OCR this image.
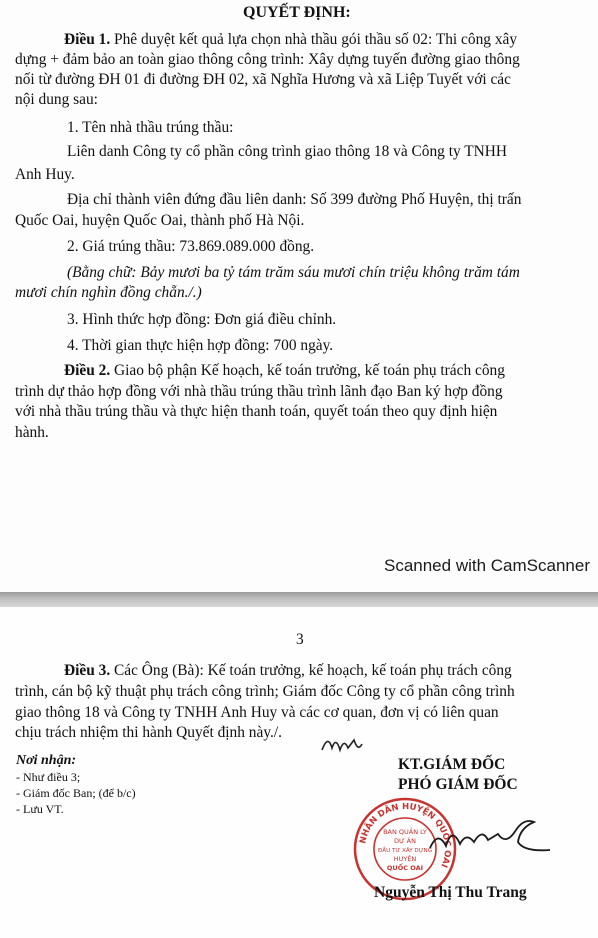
QUYẾT ĐỊNH:
Điều 1. Phê duyệt kết quả lựa chọn nhà thầu gói thầu số 02: Thi công xây
dựng + đảm bảo an toàn giao thông công trình: Xây dựng tuyến đường giao thông
nối từ đường ĐH 01 đi đường ĐH 02, xã Nghĩa Hương và xã Liệp Tuyết với các
nội dung sau:
1. Tên nhà thầu trúng thầu:
Liên danh Công ty cổ phần công trình giao thông 18 và Công ty TNHH
Anh Huy.
Địa chỉ thành viên đứng đầu liên danh: Số 399 đường Phố Huyện, thị trấn
Quốc Oai, huyện Quốc Oai, thành phố Hà Nội.
2. Giá trúng thầu: 73.869.089.000 đồng.
(Bằng chữ: Bảy mươi ba tỷ tám trăm sáu mươi chín triệu không trăm tám
mươi chín nghìn đồng chẵn./.)
3. Hình thức hợp đồng: Đơn giá điều chỉnh.
4. Thời gian thực hiện hợp đồng: 700 ngày.
Điều 2. Giao bộ phận Kế hoạch, kế toán trưởng, kế toán phụ trách công
trình dự thảo hợp đồng với nhà thầu trúng thầu trình lãnh đạo Ban ký hợp đồng
với nhà thầu trúng thầu và thực hiện thanh toán, quyết toán theo quy định hiện
hành.
Scanned with CamScanner
3
Điều 3. Các Ông (Bà): Kế toán trưởng, kế hoạch, kế toán phụ trách công
trình, cán bộ kỹ thuật phụ trách công trình; Giám đốc Công ty cổ phần công trình
giao thông 18 và Công ty TNHH Anh Huy và các cơ quan, đơn vị có liên quan
chịu trách nhiệm thi hành Quyết định này./.
Nơi nhận:
- Như điều 3;
- Giám đốc Ban; (để b/c)
- Lưu VT.
KT.GIÁM ĐỐC
PHÓ GIÁM ĐỐC
NHÂN DÂN HUYỆN QUỐC OAI
BAN QUẢN LÝ
DỰ ÁN
ĐẦU TƯ XÂY DỰNG
HUYỆN
QUỐC OAI
Nguyễn Thị Thu Trang
